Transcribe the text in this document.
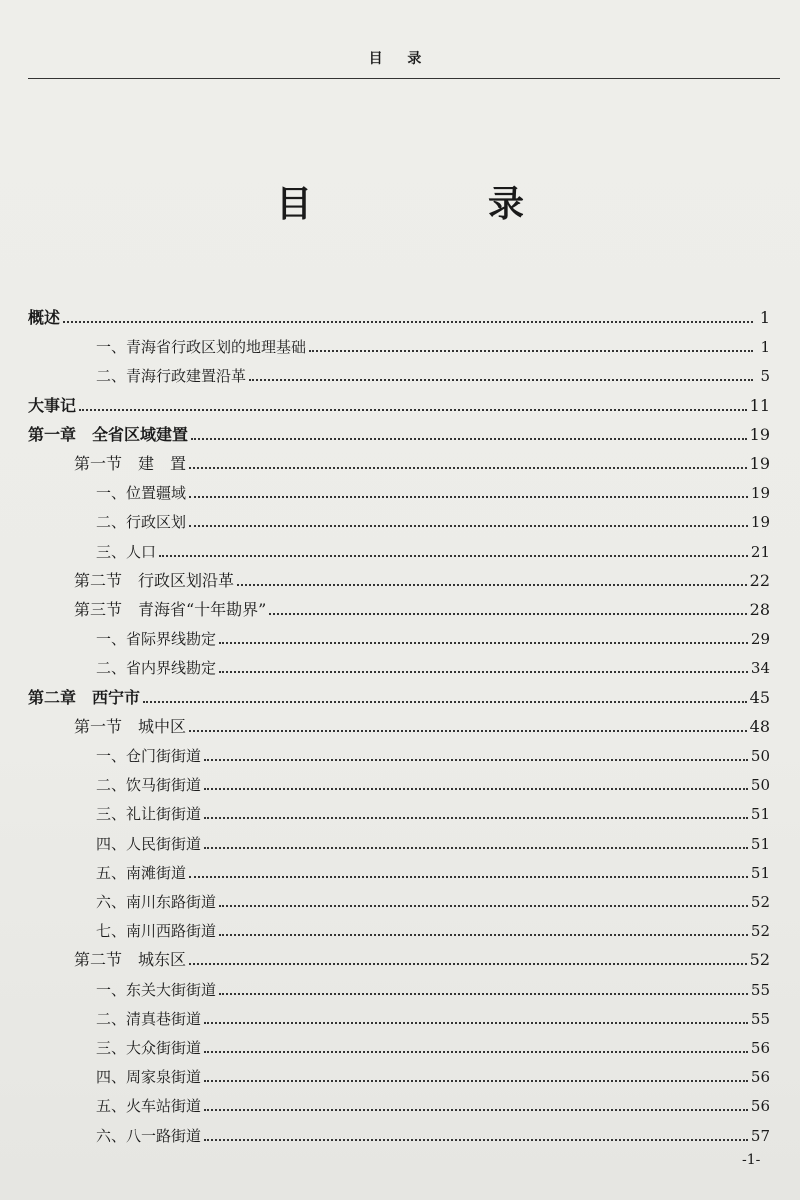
目 录
目　录
概述	1
一、青海省行政区划的地理基础	1
二、青海行政建置沿革	5
大事记	11
第一章　全省区域建置	19
第一节　建　置	19
一、位置疆域	19
二、行政区划	19
三、人口	21
第二节　行政区划沿革	22
第三节　青海省“十年勘界”	28
一、省际界线勘定	29
二、省内界线勘定	34
第二章　西宁市	45
第一节　城中区	48
一、仓门街街道	50
二、饮马街街道	50
三、礼让街街道	51
四、人民街街道	51
五、南滩街道	51
六、南川东路街道	52
七、南川西路街道	52
第二节　城东区	52
一、东关大街街道	55
二、清真巷街道	55
三、大众街街道	56
四、周家泉街道	56
五、火车站街道	56
六、八一路街道	57
-1-
